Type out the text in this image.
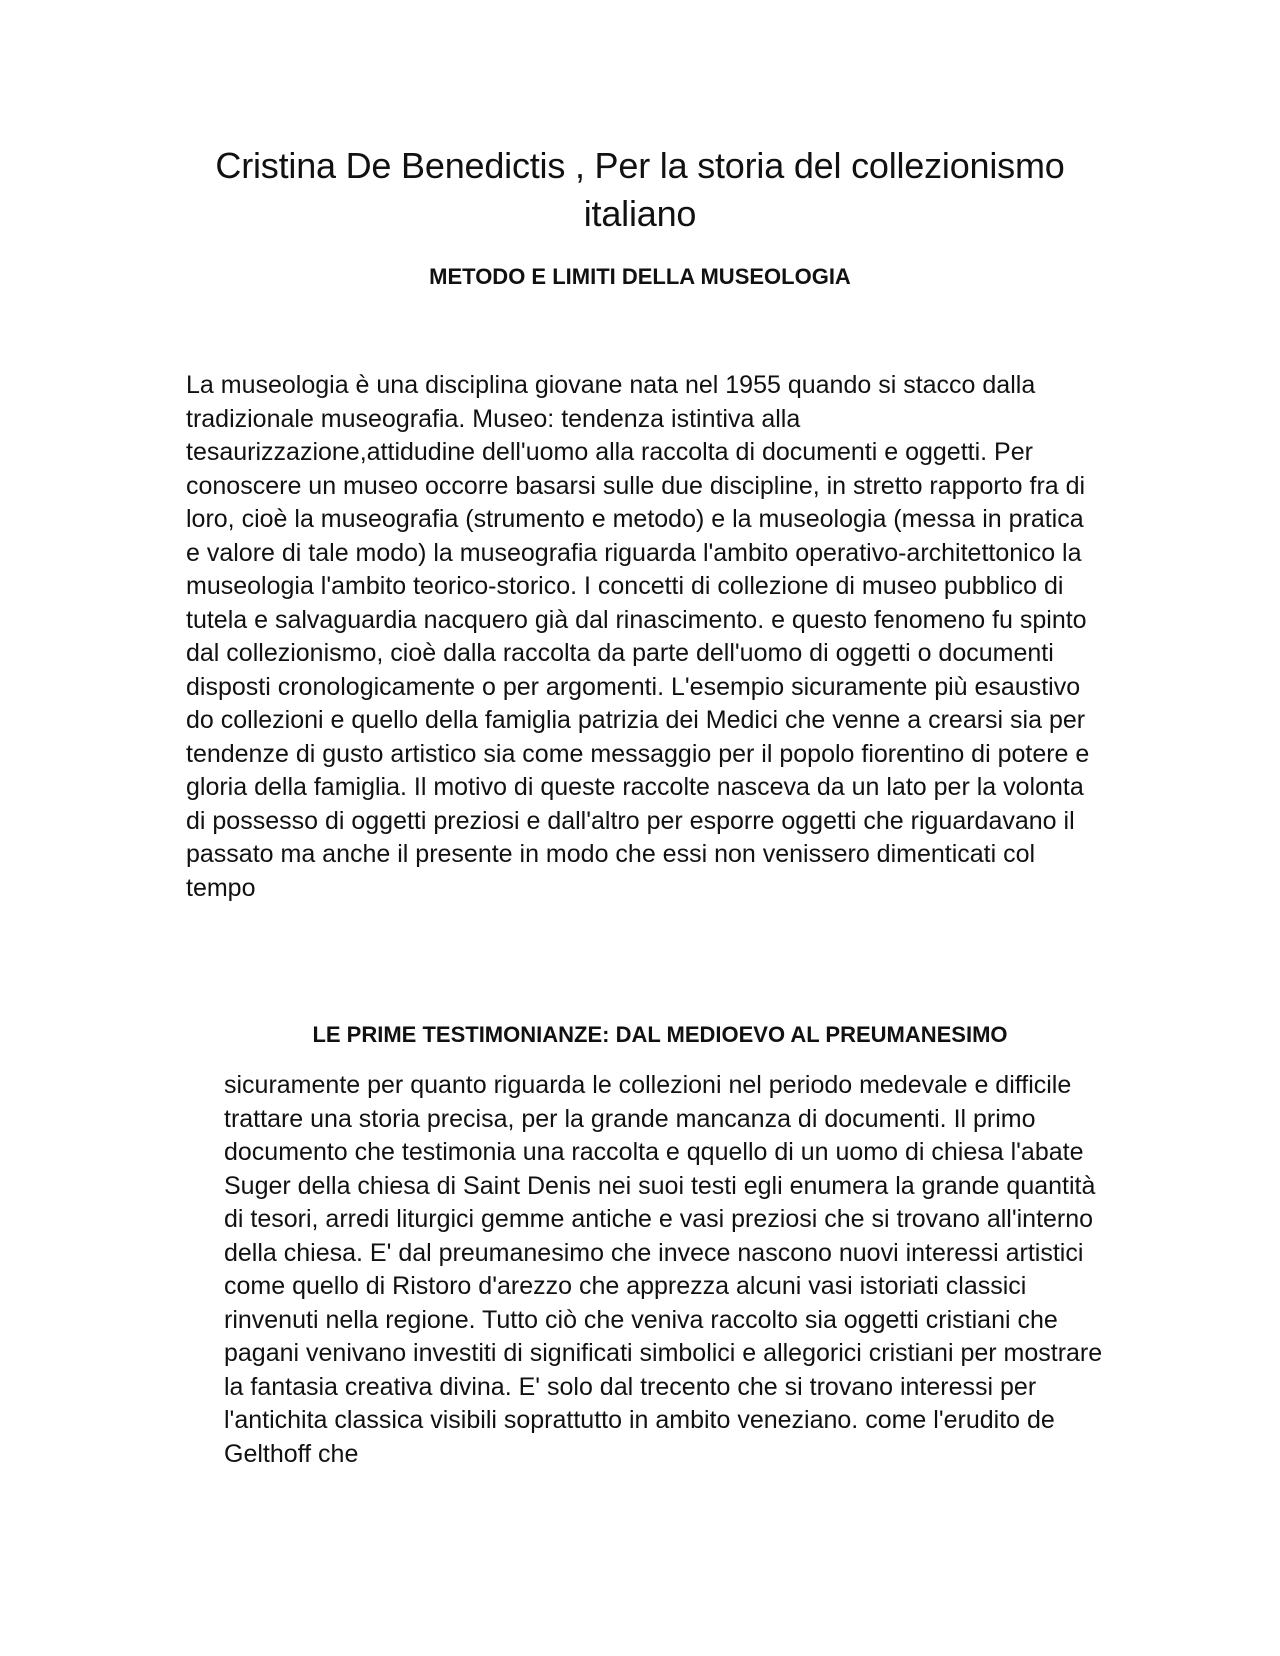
Cristina De Benedictis , Per la storia del collezionismo italiano
METODO E LIMITI DELLA MUSEOLOGIA

La museologia è una disciplina giovane nata nel 1955 quando si stacco dalla tradizionale museografia. Museo: tendenza istintiva alla tesaurizzazione,attidudine dell'uomo alla raccolta di documenti e oggetti. Per conoscere un museo occorre basarsi sulle due discipline, in stretto rapporto fra di loro, cioè la museografia (strumento e metodo) e la museologia (messa in pratica e valore di tale modo) la museografia riguarda l'ambito operativo-architettonico la museologia l'ambito teorico-storico. I concetti di collezione di museo pubblico di tutela e salvaguardia nacquero già dal rinascimento. e questo fenomeno fu spinto dal collezionismo, cioè dalla raccolta da parte dell'uomo di oggetti o documenti disposti cronologicamente o per argomenti. L'esempio sicuramente più esaustivo do collezioni e quello della famiglia patrizia dei Medici che venne a crearsi sia per tendenze di gusto artistico sia come messaggio per il popolo fiorentino di potere e gloria della famiglia. Il motivo di queste raccolte nasceva da un lato per la volonta di possesso di oggetti preziosi e dall'altro per esporre oggetti che riguardavano il passato ma anche il presente in modo che essi non venissero dimenticati col tempo

LE PRIME TESTIMONIANZE: DAL MEDIOEVO AL PREUMANESIMO

sicuramente per quanto riguarda le collezioni nel periodo medevale e difficile trattare una storia precisa, per la grande mancanza di documenti. Il primo documento che testimonia una raccolta e qquello di un uomo di chiesa l'abate Suger della chiesa di Saint Denis nei suoi testi egli enumera la grande quantità di tesori, arredi liturgici gemme antiche e vasi preziosi che si trovano all'interno della chiesa. E' dal preumanesimo che invece nascono nuovi interessi artistici come quello di Ristoro d'arezzo che apprezza alcuni vasi istoriati classici rinvenuti nella regione. Tutto ciò che veniva raccolto sia oggetti cristiani che pagani venivano investiti di significati simbolici e allegorici cristiani per mostrare la fantasia creativa divina. E' solo dal trecento che si trovano interessi per l'antichita classica visibili soprattutto in ambito veneziano. come l'erudito de Gelthoff che
